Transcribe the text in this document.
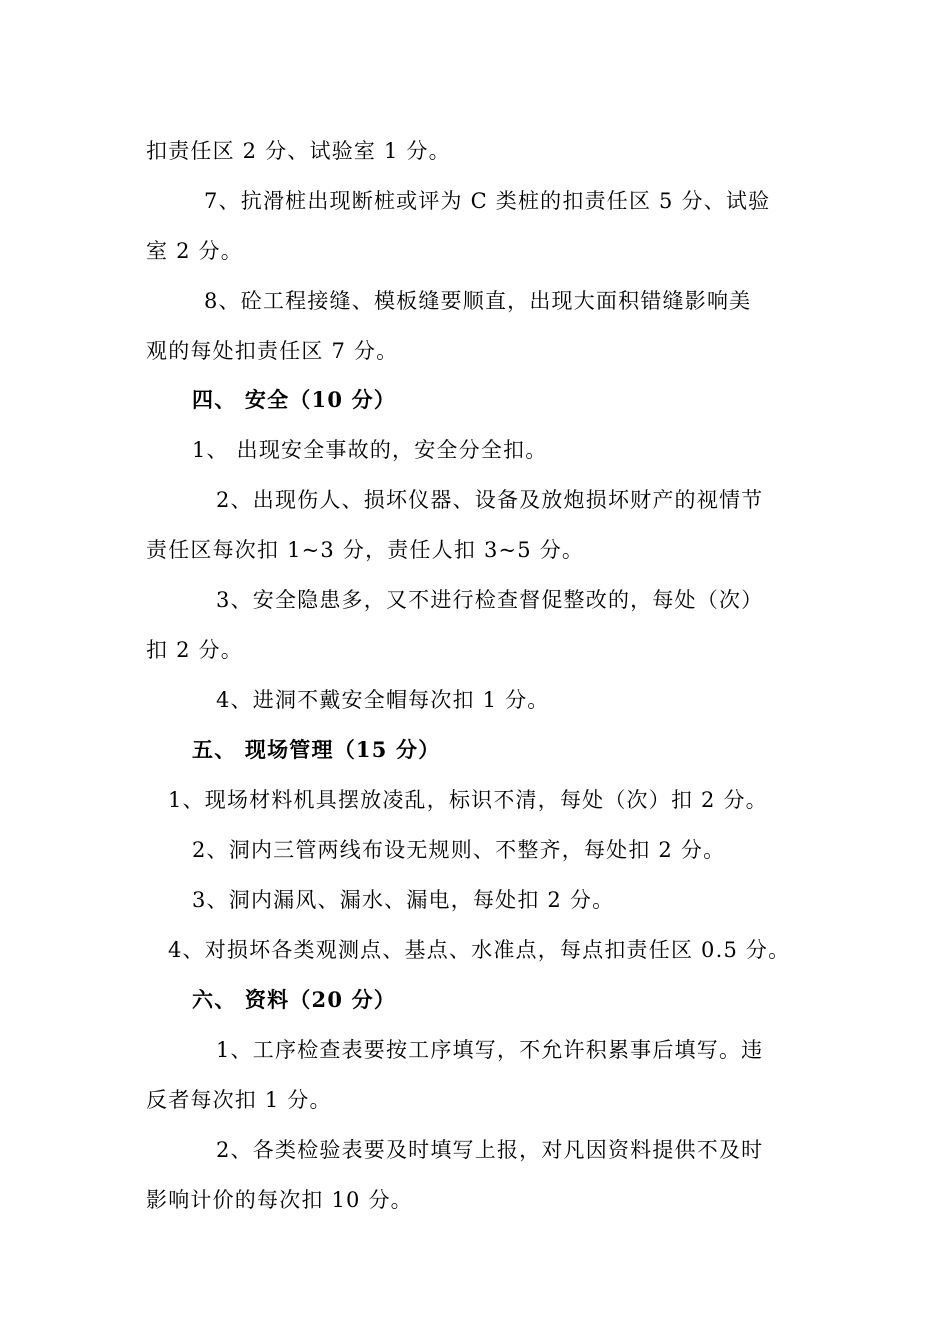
扣责任区 2 分、试验室 1 分。
7、抗滑桩出现断桩或评为 C 类桩的扣责任区 5 分、试验
室 2 分。
8、砼工程接缝、模板缝要顺直，出现大面积错缝影响美
观的每处扣责任区 7 分。
四、 安全（10 分）
1、 出现安全事故的，安全分全扣。
2、出现伤人、损坏仪器、设备及放炮损坏财产的视情节
责任区每次扣 1~3 分，责任人扣 3~5 分。
3、安全隐患多，又不进行检查督促整改的，每处（次）
扣 2 分。
4、进洞不戴安全帽每次扣 1 分。
五、 现场管理（15 分）
1、现场材料机具摆放凌乱，标识不清，每处（次）扣 2 分。
2、洞内三管两线布设无规则、不整齐，每处扣 2 分。
3、洞内漏风、漏水、漏电，每处扣 2 分。
4、对损坏各类观测点、基点、水准点，每点扣责任区 0.5 分。
六、 资料（20 分）
1、工序检查表要按工序填写，不允许积累事后填写。违
反者每次扣 1 分。
2、各类检验表要及时填写上报，对凡因资料提供不及时
影响计价的每次扣 10 分。
